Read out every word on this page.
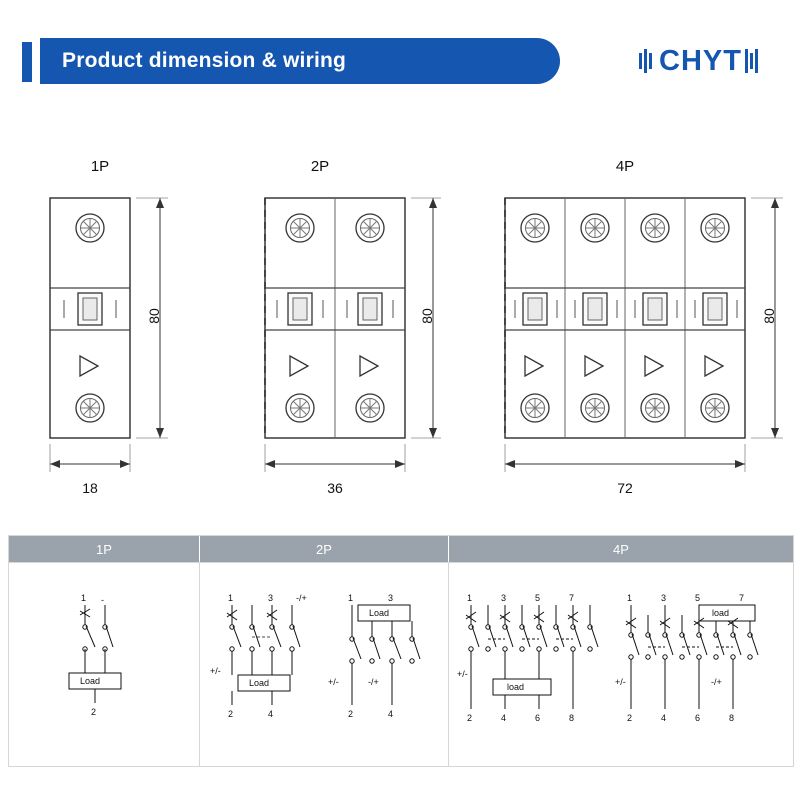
Product dimension & wiring	CHYT
1P
80
18
2P
80
36
4P
80
72
1P	2P	4P
1 -
Load
2
1	3	-/+
Load
+/-
2	4
1	3
Load
+/-	-/+
2	4
1	3	5	7
load
+/-
2	4	6	8
1	3	5	7
load
+/-	-/+
2	4	6	8
